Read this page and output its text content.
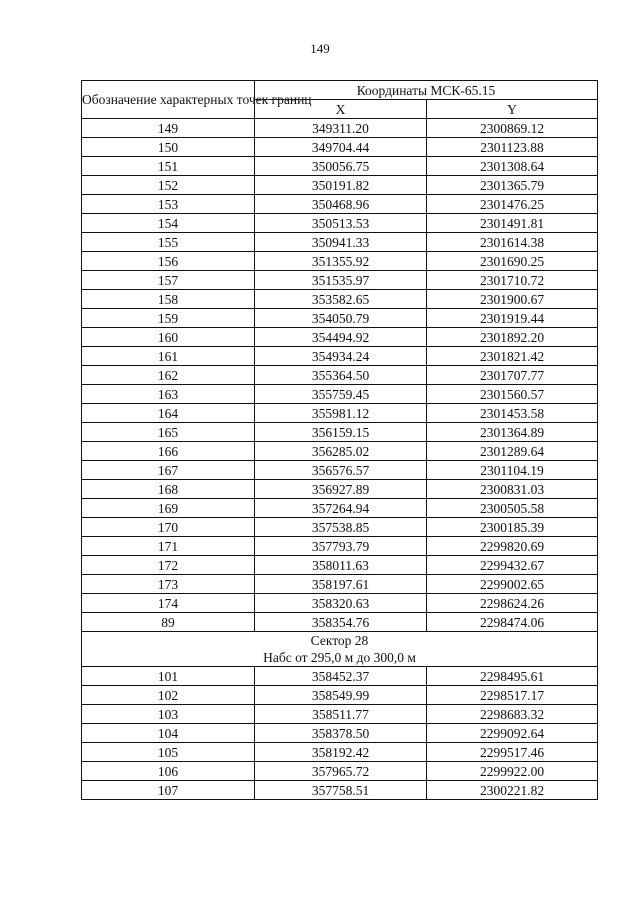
149
Обозначение характерных точек границ	Координаты МСК-65.15	
	X	Y
149	349311.20	2300869.12
150	349704.44	2301123.88
151	350056.75	2301308.64
152	350191.82	2301365.79
153	350468.96	2301476.25
154	350513.53	2301491.81
155	350941.33	2301614.38
156	351355.92	2301690.25
157	351535.97	2301710.72
158	353582.65	2301900.67
159	354050.79	2301919.44
160	354494.92	2301892.20
161	354934.24	2301821.42
162	355364.50	2301707.77
163	355759.45	2301560.57
164	355981.12	2301453.58
165	356159.15	2301364.89
166	356285.02	2301289.64
167	356576.57	2301104.19
168	356927.89	2300831.03
169	357264.94	2300505.58
170	357538.85	2300185.39
171	357793.79	2299820.69
172	358011.63	2299432.67
173	358197.61	2299002.65
174	358320.63	2298624.26
89	358354.76	2298474.06

Сектор 28
Набс от 295,0 м до 300,0 м		

101	358452.37	2298495.61
102	358549.99	2298517.17
103	358511.77	2298683.32
104	358378.50	2299092.64
105	358192.42	2299517.46
106	357965.72	2299922.00
107	357758.51	2300221.82
